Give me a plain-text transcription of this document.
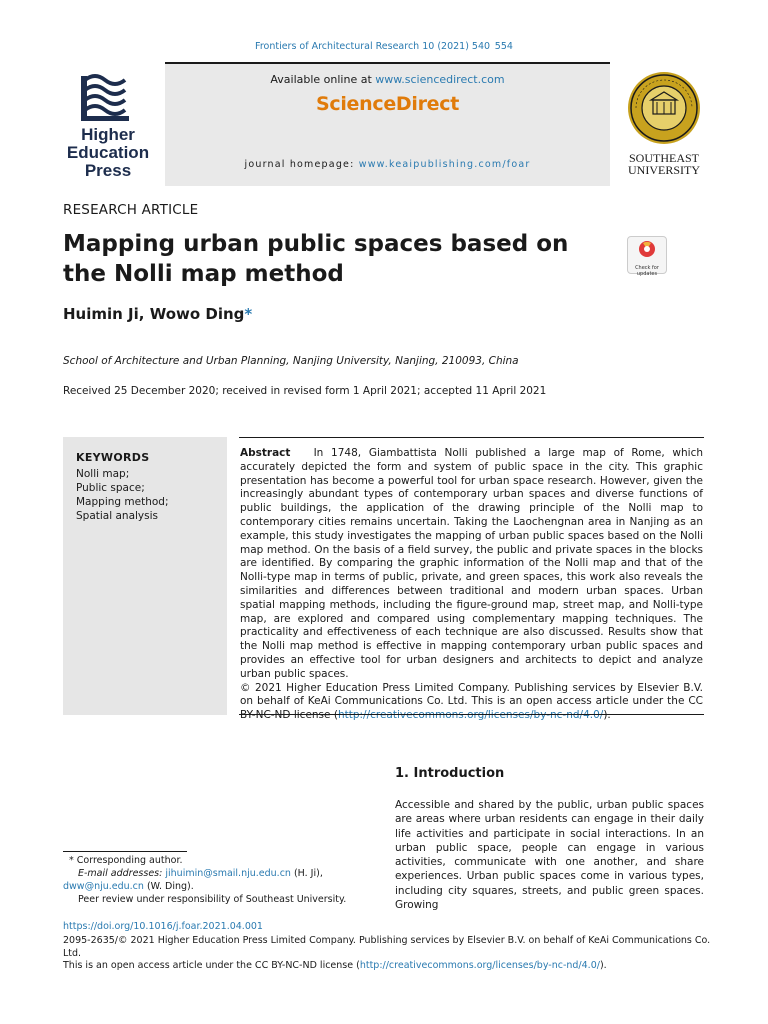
Frontiers of Architectural Research 10 (2021) 540 554
Higher
Education
Press
Available online at www.sciencedirect.com
ScienceDirect
journal homepage: www.keaipublishing.com/foar	SOUTHEAST
UNIVERSITY
RESEARCH ARTICLE
Mapping urban public spaces based on the Nolli map method	Check for updates
Huimin Ji, Wowo Ding*
School of Architecture and Urban Planning, Nanjing University, Nanjing, 210093, China
Received 25 December 2020; received in revised form 1 April 2021; accepted 11 April 2021
KEYWORDS
Nolli map;
Public space;
Mapping method;
Spatial analysis

Abstract In 1748, Giambattista Nolli published a large map of Rome, which accurately depicted the form and system of public space in the city. This graphic presentation has become a powerful tool for urban space research. However, given the increasingly abundant types of contemporary urban spaces and diverse functions of public buildings, the application of the drawing principle of the Nolli map to contemporary cities remains uncertain. Taking the Laochengnan area in Nanjing as an example, this study investigates the mapping of urban public spaces based on the Nolli map method. On the basis of a field survey, the public and private spaces in the blocks are identified. By comparing the graphic information of the Nolli map and that of the Nolli-type map in terms of public, private, and green spaces, this work also reveals the similarities and differences between traditional and modern urban spaces. Urban spatial mapping methods, including the figure-ground map, street map, and Nolli-type map, are explored and compared using complementary mapping techniques. The practicality and effectiveness of each technique are also discussed. Results show that the Nolli map method is effective in mapping contemporary urban public spaces and provides an effective tool for urban designers and architects to depict and analyze urban public spaces.

© 2021 Higher Education Press Limited Company. Publishing services by Elsevier B.V. on behalf of KeAi Communications Co. Ltd. This is an open access article under the CC BY-NC-ND license (http://creativecommons.org/licenses/by-nc-nd/4.0/).

1. Introduction
Accessible and shared by the public, urban public spaces are areas where urban residents can engage in their daily life activities and participate in social interactions. In an urban public space, people can engage in various activities, communicate with one another, and share experiences. Urban public spaces come in various types, including city squares, streets, and public green spaces. Growing
* Corresponding author.
E-mail addresses: jihuimin@smail.nju.edu.cn (H. Ji), dww@nju.edu.cn (W. Ding).
Peer review under responsibility of Southeast University.
https://doi.org/10.1016/j.foar.2021.04.001
2095-2635/© 2021 Higher Education Press Limited Company. Publishing services by Elsevier B.V. on behalf of KeAi Communications Co. Ltd.
This is an open access article under the CC BY-NC-ND license (http://creativecommons.org/licenses/by-nc-nd/4.0/).
